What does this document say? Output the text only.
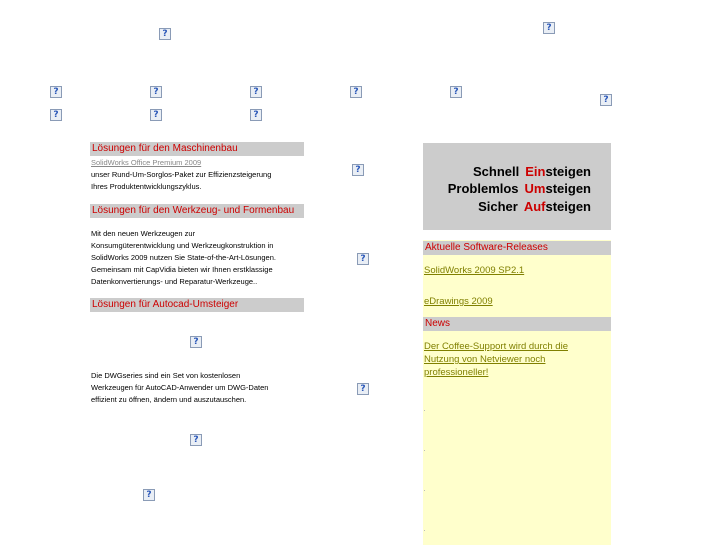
?
?
?	?	?	?	?
?
?	?	?
?
?
?
?
?
?
Lösungen für den Maschinenbau
SolidWorks Office Premium 2009
unser Rund-Um-Sorglos-Paket zur Effizienzsteigerung
Ihres Produktentwicklungszyklus.
Lösungen für den Werkzeug- und Formenbau
Mit den neuen Werkzeugen zur
Konsumgüterentwicklung und Werkzeugkonstruktion in
SolidWorks 2009 nutzen Sie State-of-the-Art-Lösungen.
Gemeinsam mit CapVidia bieten wir Ihnen erstklassige
Datenkonvertierungs- und Reparatur-Werkzeuge..
Lösungen für Autocad-Umsteiger
Die DWGseries sind ein Set von kostenlosen
Werkzeugen für AutoCAD-Anwender um DWG-Daten
effizient zu öffnen, ändern und auszutauschen.
Schnell Einsteigen
Problemlos Umsteigen
Sicher Aufsteigen
Aktuelle Software-Releases
SolidWorks 2009 SP2.1
eDrawings 2009
News
Der Coffee-Support wird durch die
Nutzung von Netviewer noch
professioneller!
